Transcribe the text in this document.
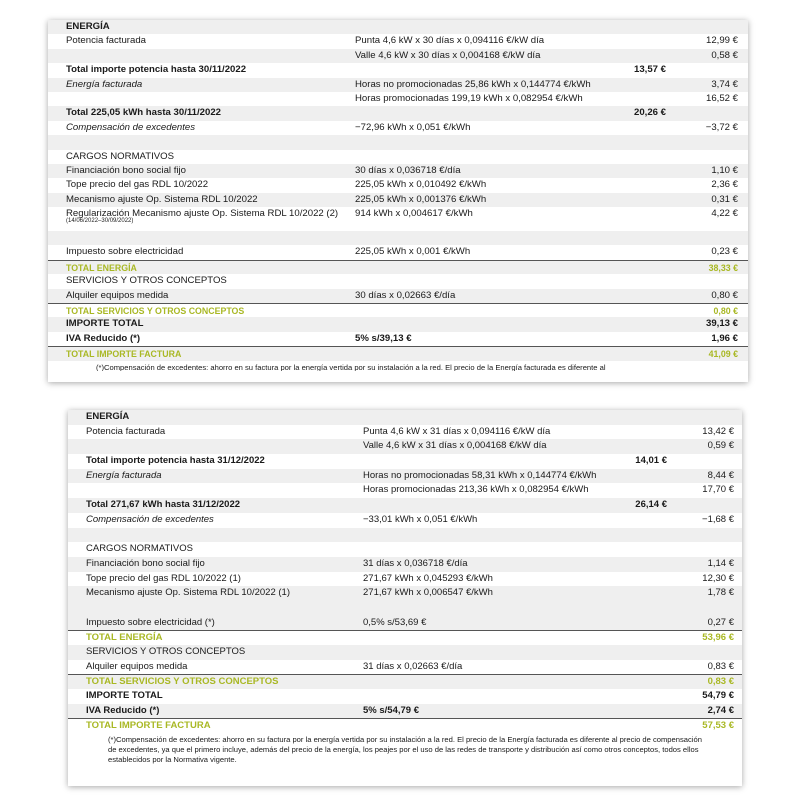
ENERGÍA
Potencia facturada	Punta 4,6 kW x 30 días x 0,094116 €/kW día	12,99 €
Valle 4,6 kW x 30 días x 0,004168 €/kW día	0,58 €
Total importe potencia hasta 30/11/2022	13,57 €
Energía facturada	Horas no promocionadas 25,86 kWh x 0,144774 €/kWh	3,74 €
Horas promocionadas 199,19 kWh x 0,082954 €/kWh	16,52 €
Total 225,05 kWh hasta 30/11/2022	20,26 €
Compensación de excedentes	−72,96 kWh x 0,051 €/kWh	−3,72 €
CARGOS NORMATIVOS
Financiación bono social fijo	30 días x 0,036718 €/día	1,10 €
Tope precio del gas RDL 10/2022	225,05 kWh x 0,010492 €/kWh	2,36 €
Mecanismo ajuste Op. Sistema RDL 10/2022	225,05 kWh x 0,001376 €/kWh	0,31 €
Regularización Mecanismo ajuste Op. Sistema RDL 10/2022 (2) 914 kWh x 0,004617 €/kWh	4,22 €
(14/06/2022–30/09/2022)
Impuesto sobre electricidad	225,05 kWh x 0,001 €/kWh	0,23 €
TOTAL ENERGÍA	38,33 €
SERVICIOS Y OTROS CONCEPTOS
Alquiler equipos medida	30 días x 0,02663 €/día	0,80 €
TOTAL SERVICIOS Y OTROS CONCEPTOS	0,80 €
IMPORTE TOTAL	39,13 €
IVA Reducido (*)	5% s/39,13 €	1,96 €
TOTAL IMPORTE FACTURA	41,09 €
(*)Compensación de excedentes: ahorro en su factura por la energía vertida por su instalación a la red. El precio de la Energía facturada es diferente al
ENERGÍA
Potencia facturada	Punta 4,6 kW x 31 días x 0,094116 €/kW día	13,42 €
Valle 4,6 kW x 31 días x 0,004168 €/kW día	0,59 €
Total importe potencia hasta 31/12/2022	14,01 €
Energía facturada	Horas no promocionadas 58,31 kWh x 0,144774 €/kWh	8,44 €
Horas promocionadas 213,36 kWh x 0,082954 €/kWh	17,70 €
Total 271,67 kWh hasta 31/12/2022	26,14 €
Compensación de excedentes	−33,01 kWh x 0,051 €/kWh	−1,68 €
CARGOS NORMATIVOS
Financiación bono social fijo	31 días x 0,036718 €/día	1,14 €
Tope precio del gas RDL 10/2022 (1)	271,67 kWh x 0,045293 €/kWh	12,30 €
Mecanismo ajuste Op. Sistema RDL 10/2022 (1)	271,67 kWh x 0,006547 €/kWh	1,78 €
Impuesto sobre electricidad (*)	0,5% s/53,69 €	0,27 €
TOTAL ENERGÍA	53,96 €
SERVICIOS Y OTROS CONCEPTOS
Alquiler equipos medida	31 días x 0,02663 €/día	0,83 €
TOTAL SERVICIOS Y OTROS CONCEPTOS	0,83 €
IMPORTE TOTAL	54,79 €
IVA Reducido (*)	5% s/54,79 €	2,74 €
TOTAL IMPORTE FACTURA	57,53 €
(*)Compensación de excedentes: ahorro en su factura por la energía vertida por su instalación a la red. El precio de la Energía facturada es diferente al precio de compensación de excedentes, ya que el primero incluye, además del precio de la energía, los peajes por el uso de las redes de transporte y distribución así como otros conceptos, todos ellos establecidos por la Normativa vigente.
